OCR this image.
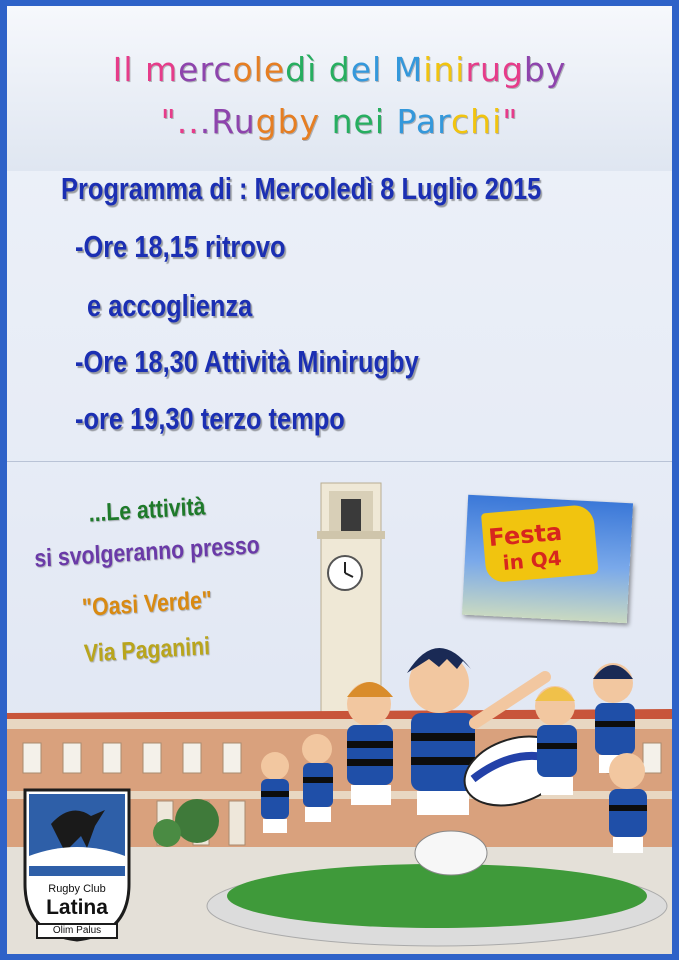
Il mercoledì del Minirugby
"...Rugby nei Parchi"
Programma di : Mercoledì 8 Luglio 2015
-Ore 18,15 ritrovo
e accoglienza
-Ore 18,30 Attività Minirugby
-ore 19,30 terzo tempo
...Le attività
si svolgeranno presso
"Oasi Verde"
Via Paganini
Festa
in Q4
Rugby Club
Latina
Olim Palus
